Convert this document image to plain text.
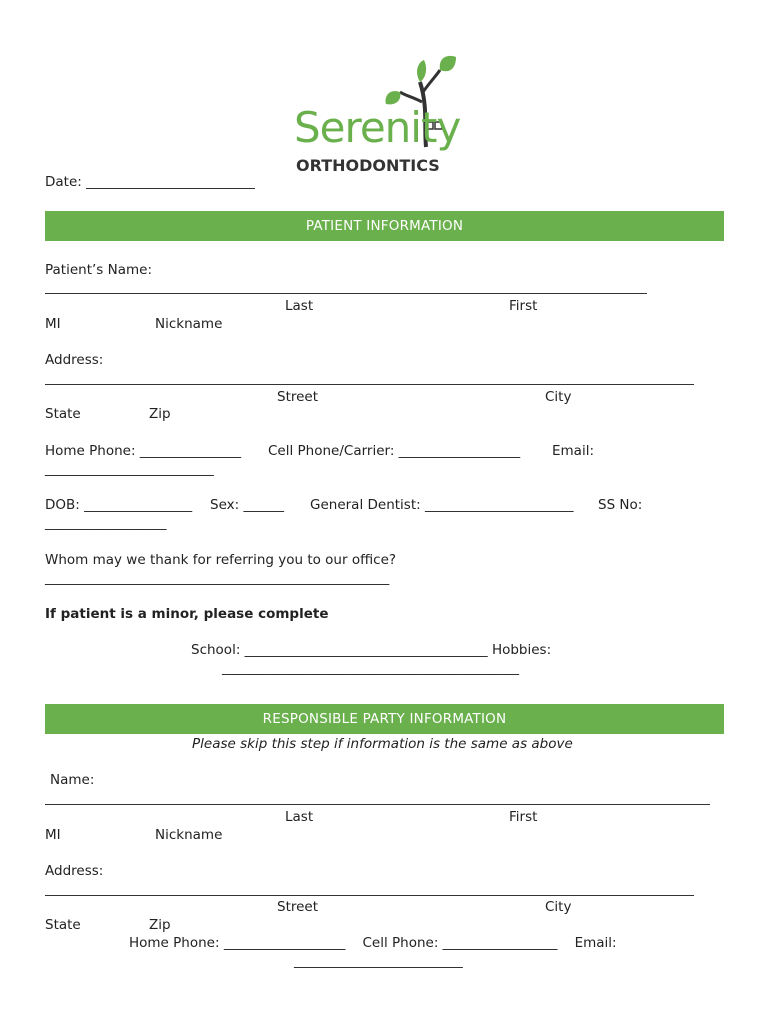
Serenity
ORTHODONTICS
Date: _________________________
PATIENT INFORMATION
Patient’s Name:
Last	First
MI	Nickname
Address:
Street	City
State	Zip
Home Phone: _______________ Cell Phone/Carrier: __________________ Email:
_________________________
DOB: ________________ Sex: ______ General Dentist: ______________________ SS No:
__________________
Whom may we thank for referring you to our office?
___________________________________________________
If patient is a minor, please complete
School: ____________________________________ Hobbies:
____________________________________________
RESPONSIBLE PARTY INFORMATION
Please skip this step if information is the same as above
Name:
Last	First
MI	Nickname
Address:
Street	City
State	Zip
Home Phone: __________________    Cell Phone: _________________    Email:
_________________________
